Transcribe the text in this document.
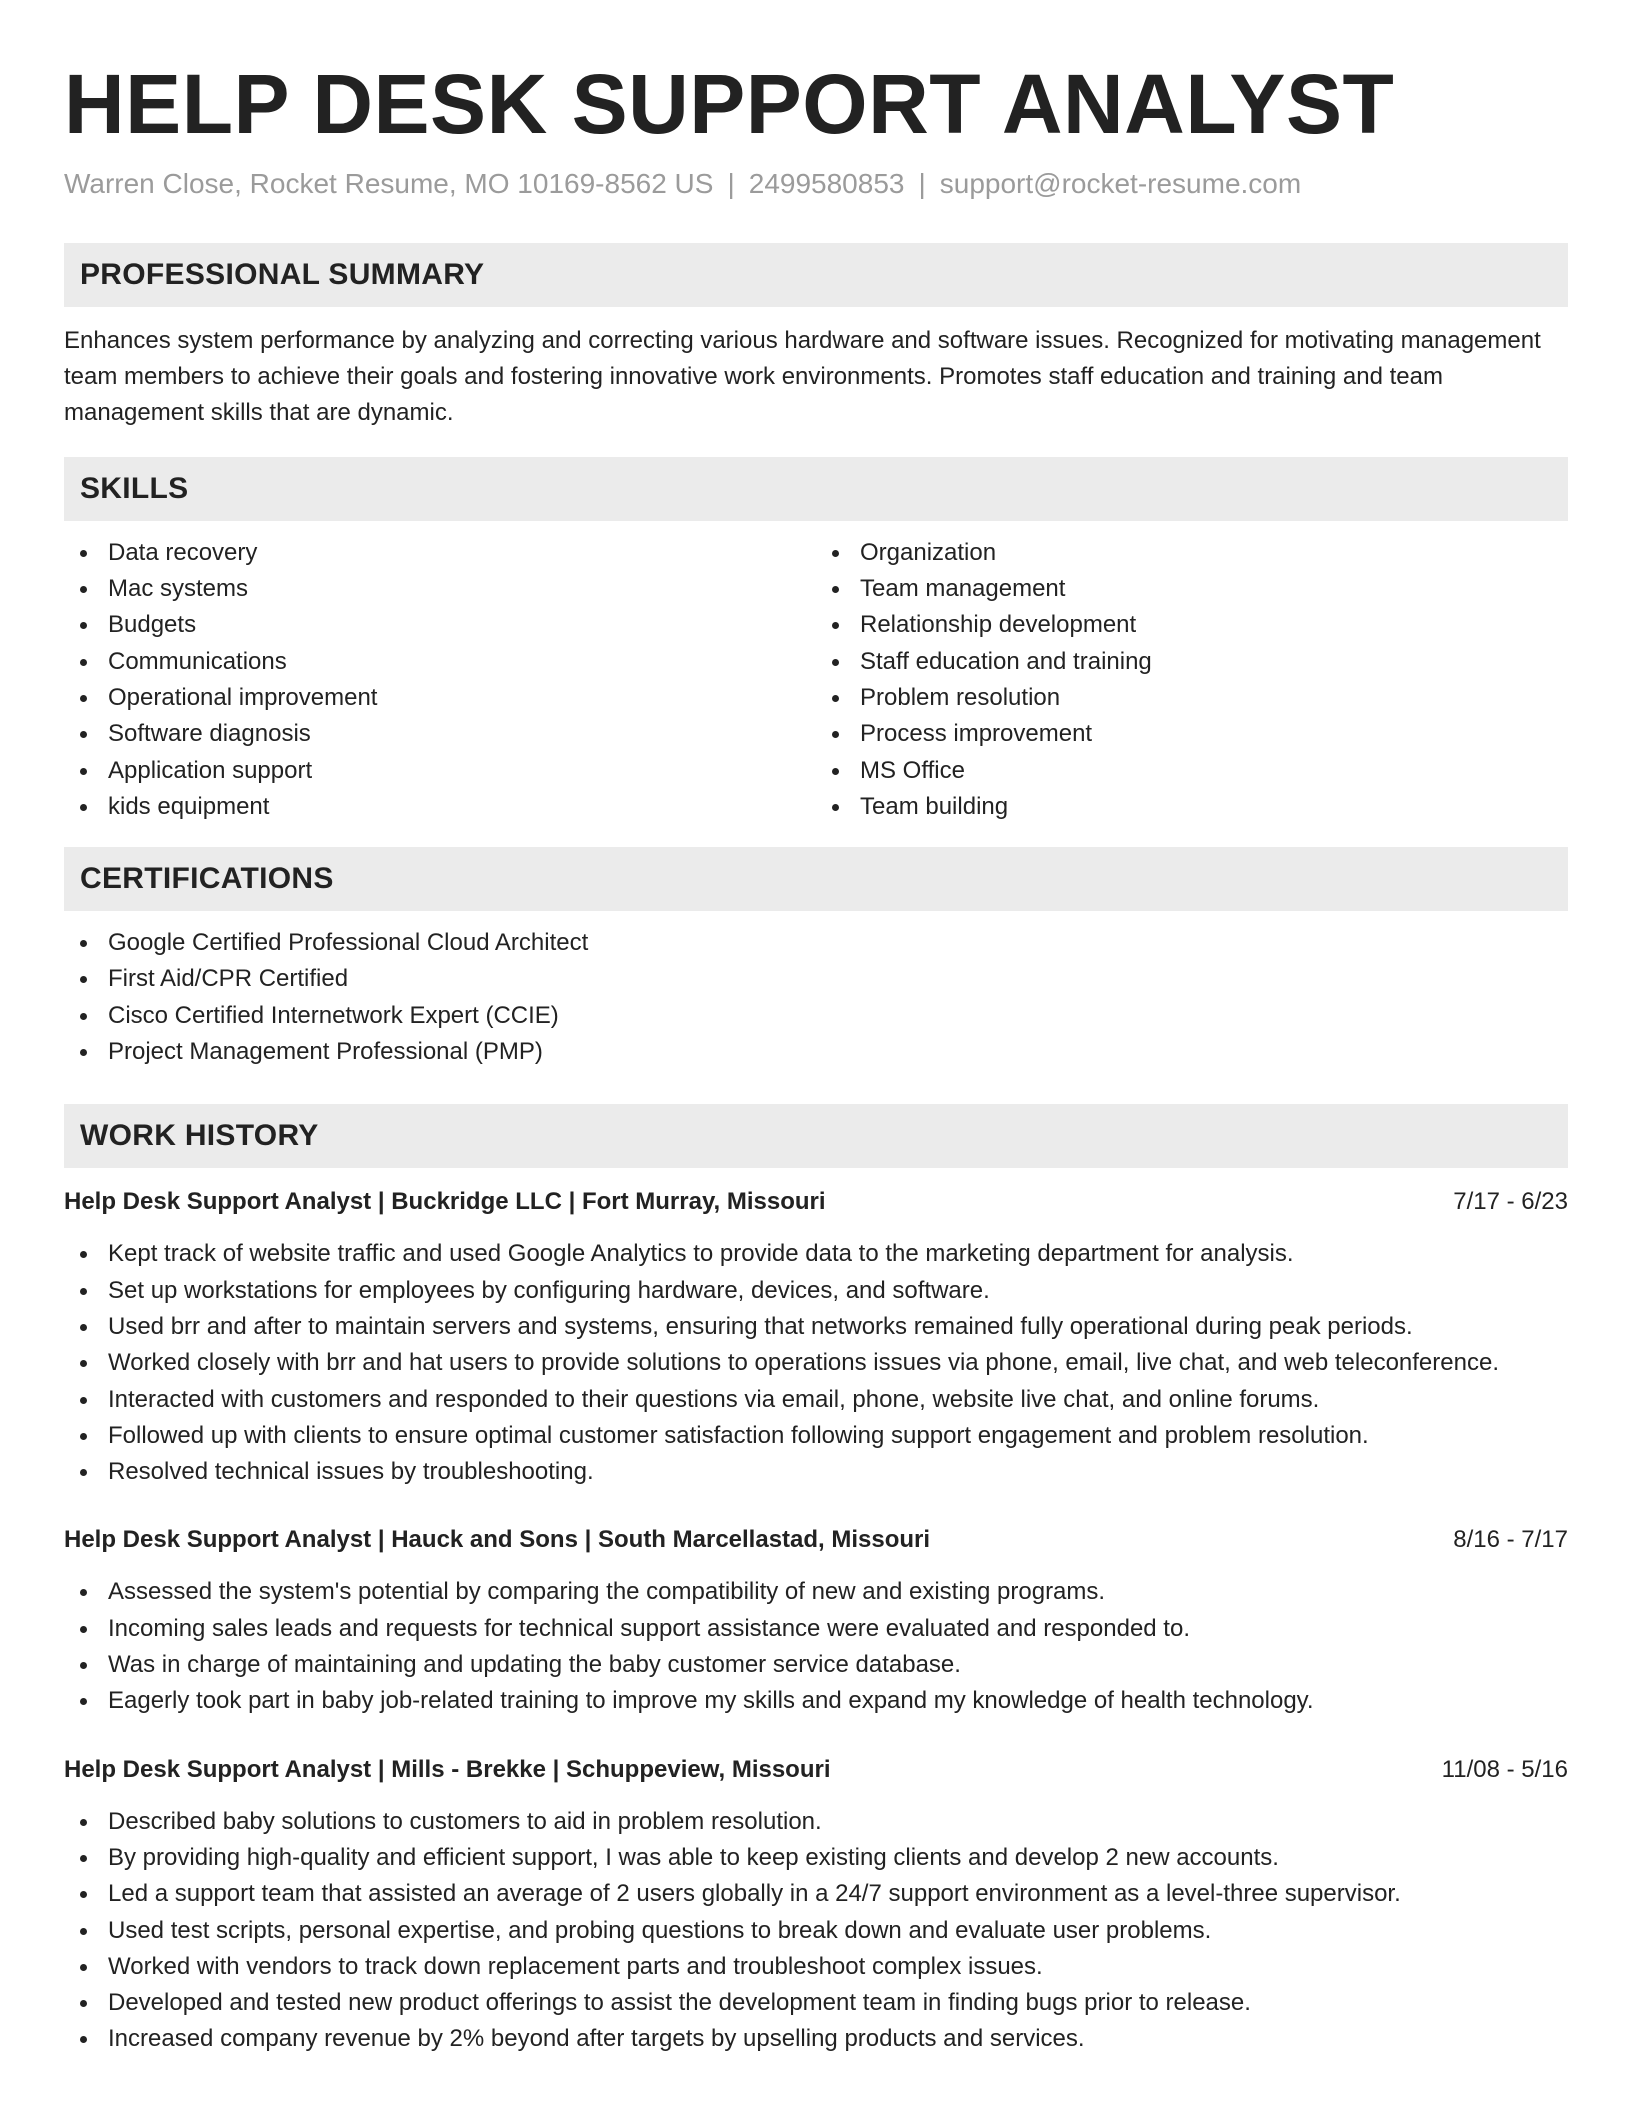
HELP DESK SUPPORT ANALYST
Warren Close, Rocket Resume, MO 10169-8562 US | 2499580853 | support@rocket-resume.com
PROFESSIONAL SUMMARY

Enhances system performance by analyzing and correcting various hardware and software issues. Recognized for motivating management team members to achieve their goals and fostering innovative work environments. Promotes staff education and training and team management skills that are dynamic.

SKILLS
Data recovery
Mac systems
Budgets
Communications
Operational improvement
Software diagnosis
Application support
kids equipment
Organization
Team management
Relationship development
Staff education and training
Problem resolution
Process improvement
MS Office
Team building
CERTIFICATIONS
Google Certified Professional Cloud Architect
First Aid/CPR Certified
Cisco Certified Internetwork Expert (CCIE)
Project Management Professional (PMP)
WORK HISTORY
Help Desk Support Analyst | Buckridge LLC | Fort Murray, Missouri	7/17 - 6/23
Kept track of website traffic and used Google Analytics to provide data to the marketing department for analysis.
Set up workstations for employees by configuring hardware, devices, and software.
Used brr and after to maintain servers and systems, ensuring that networks remained fully operational during peak periods.
Worked closely with brr and hat users to provide solutions to operations issues via phone, email, live chat, and web teleconference.
Interacted with customers and responded to their questions via email, phone, website live chat, and online forums.
Followed up with clients to ensure optimal customer satisfaction following support engagement and problem resolution.
Resolved technical issues by troubleshooting.
Help Desk Support Analyst | Hauck and Sons | South Marcellastad, Missouri	8/16 - 7/17
Assessed the system's potential by comparing the compatibility of new and existing programs.
Incoming sales leads and requests for technical support assistance were evaluated and responded to.
Was in charge of maintaining and updating the baby customer service database.
Eagerly took part in baby job-related training to improve my skills and expand my knowledge of health technology.
Help Desk Support Analyst | Mills - Brekke | Schuppeview, Missouri	11/08 - 5/16
Described baby solutions to customers to aid in problem resolution.
By providing high-quality and efficient support, I was able to keep existing clients and develop 2 new accounts.
Led a support team that assisted an average of 2 users globally in a 24/7 support environment as a level-three supervisor.
Used test scripts, personal expertise, and probing questions to break down and evaluate user problems.
Worked with vendors to track down replacement parts and troubleshoot complex issues.
Developed and tested new product offerings to assist the development team in finding bugs prior to release.
Increased company revenue by 2% beyond after targets by upselling products and services.
